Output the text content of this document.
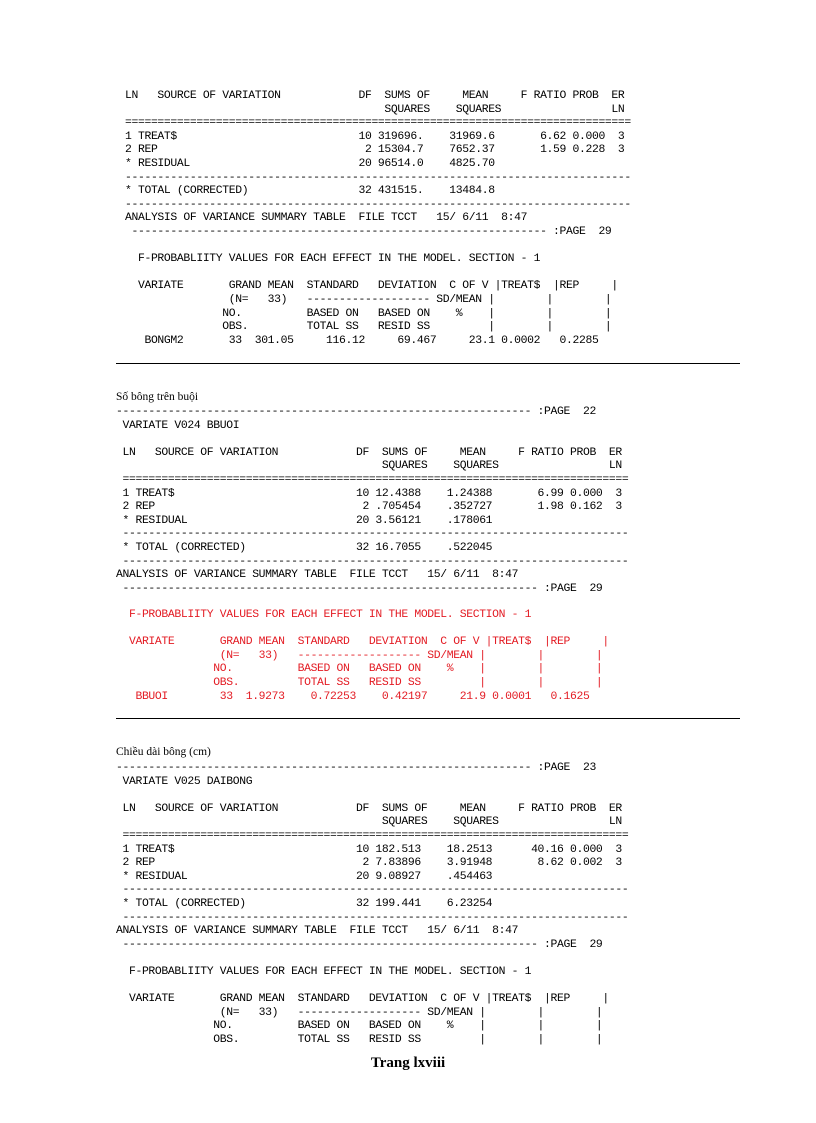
LN   SOURCE OF VARIATION            DF  SUMS OF     MEAN     F RATIO PROB  ER
SQUARES    SQUARES                 LN
==============================================================================
1 TREAT$                            10 319696.    31969.6       6.62 0.000  3
2 REP                                2 15304.7    7652.37       1.59 0.228  3
* RESIDUAL                          20 96514.0    4825.70
------------------------------------------------------------------------------
* TOTAL (CORRECTED)                 32 431515.    13484.8
------------------------------------------------------------------------------
ANALYSIS OF VARIANCE SUMMARY TABLE  FILE TCCT   15/ 6/11  8:47
---------------------------------------------------------------- :PAGE  29

F-PROBABLIITY VALUES FOR EACH EFFECT IN THE MODEL. SECTION - 1

VARIATE       GRAND MEAN  STANDARD   DEVIATION  C OF V |TREAT$  |REP     |
(N=   33)   ------------------- SD/MEAN |        |        |
NO.          BASED ON   BASED ON    %    |        |        |
OBS.         TOTAL SS   RESID SS         |        |        |
BONGM2       33  301.05     116.12     69.467     23.1 0.0002   0.2285
Số bông trên buội
---------------------------------------------------------------- :PAGE  22
VARIATE V024 BBUOI

LN   SOURCE OF VARIATION            DF  SUMS OF     MEAN     F RATIO PROB  ER
SQUARES    SQUARES                 LN
==============================================================================
1 TREAT$                            10 12.4388    1.24388       6.99 0.000  3
2 REP                                2 .705454    .352727       1.98 0.162  3
* RESIDUAL                          20 3.56121    .178061
------------------------------------------------------------------------------
* TOTAL (CORRECTED)                 32 16.7055    .522045
------------------------------------------------------------------------------
ANALYSIS OF VARIANCE SUMMARY TABLE  FILE TCCT   15/ 6/11  8:47
---------------------------------------------------------------- :PAGE  29
F-PROBABLIITY VALUES FOR EACH EFFECT IN THE MODEL. SECTION - 1

VARIATE       GRAND MEAN  STANDARD   DEVIATION  C OF V |TREAT$  |REP     |
(N=   33)   ------------------- SD/MEAN |        |        |
NO.          BASED ON   BASED ON    %    |        |        |
OBS.         TOTAL SS   RESID SS         |        |        |
BBUOI        33  1.9273    0.72253    0.42197     21.9 0.0001   0.1625
Chiều dài bông (cm)
---------------------------------------------------------------- :PAGE  23
VARIATE V025 DAIBONG

LN   SOURCE OF VARIATION            DF  SUMS OF     MEAN     F RATIO PROB  ER
SQUARES    SQUARES                 LN
==============================================================================
1 TREAT$                            10 182.513    18.2513      40.16 0.000  3
2 REP                                2 7.83896    3.91948       8.62 0.002  3
* RESIDUAL                          20 9.08927    .454463
------------------------------------------------------------------------------
* TOTAL (CORRECTED)                 32 199.441    6.23254
------------------------------------------------------------------------------
ANALYSIS OF VARIANCE SUMMARY TABLE  FILE TCCT   15/ 6/11  8:47
---------------------------------------------------------------- :PAGE  29

F-PROBABLIITY VALUES FOR EACH EFFECT IN THE MODEL. SECTION - 1

VARIATE       GRAND MEAN  STANDARD   DEVIATION  C OF V |TREAT$  |REP     |
(N=   33)   ------------------- SD/MEAN |        |        |
NO.          BASED ON   BASED ON    %    |        |        |
OBS.         TOTAL SS   RESID SS         |        |        |
Trang lxviii
